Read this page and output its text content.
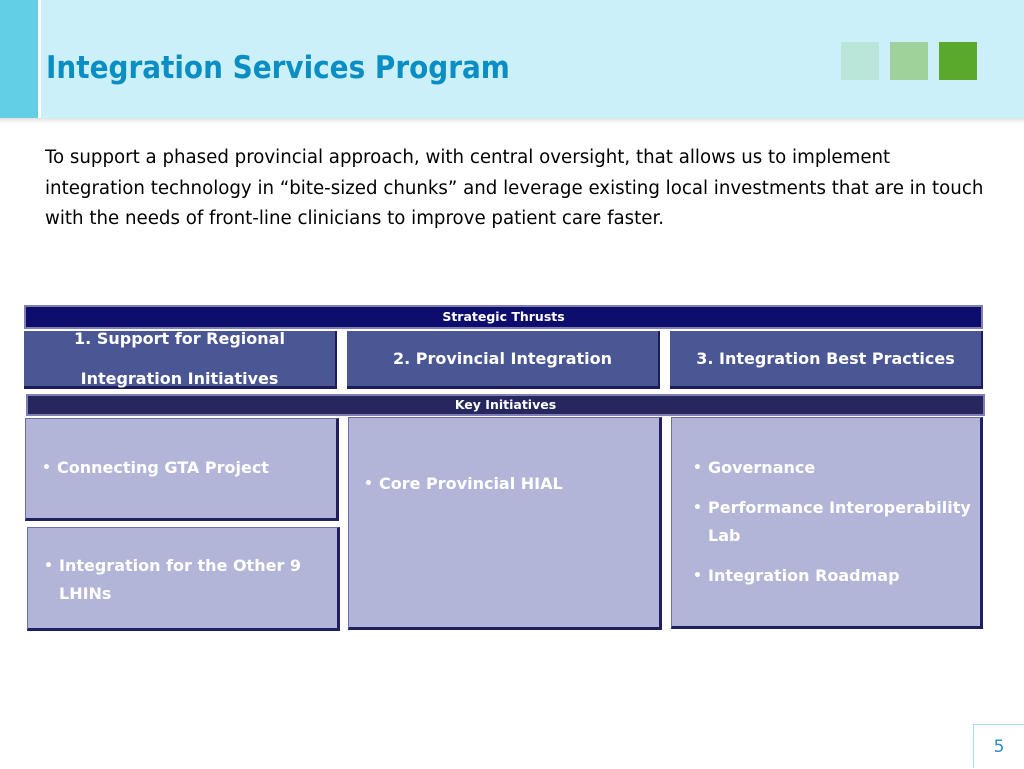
Integration Services Program

To support a phased provincial approach, with central oversight, that allows us to implement integration technology in “bite-sized chunks” and leverage existing local investments that are in touch with the needs of front-line clinicians to improve patient care faster.

Strategic Thrusts
1. Support for Regional Integration Initiatives
2. Provincial Integration	3. Integration Best Practices
Key Initiatives
• Connecting GTA Project
• Integration for the Other 9 LHINs
• Core Provincial HIAL
• Governance
• Performance Interoperability Lab
• Integration Roadmap
5
